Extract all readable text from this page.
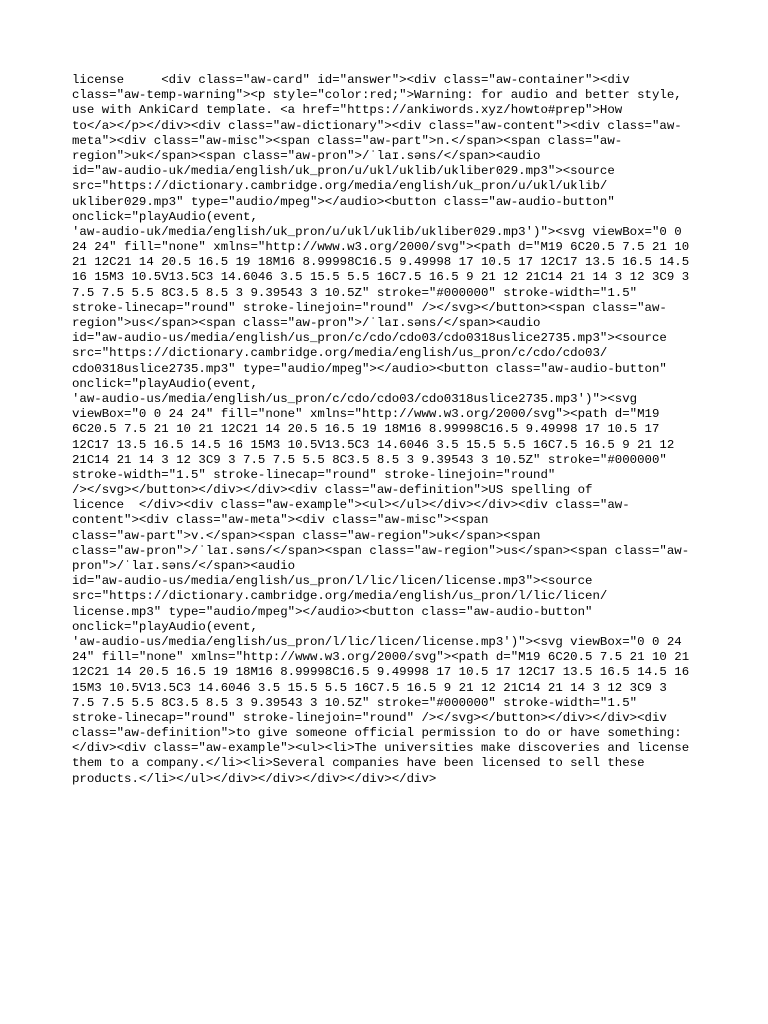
license     <div class="aw-card" id="answer"><div class="aw-container"><div
class="aw-temp-warning"><p style="color:red;">Warning: for audio and better style,
use with AnkiCard template. <a href="https://ankiwords.xyz/howto#prep">How
to</a></p></div><div class="aw-dictionary"><div class="aw-content"><div class="aw-
meta"><div class="aw-misc"><span class="aw-part">n.</span><span class="aw-
region">uk</span><span class="aw-pron">/ˈlaɪ.səns/</span><audio
id="aw-audio-uk/media/english/uk_pron/u/ukl/uklib/ukliber029.mp3"><source
src="https://dictionary.cambridge.org/media/english/uk_pron/u/ukl/uklib/
ukliber029.mp3" type="audio/mpeg"></audio><button class="aw-audio-button"
onclick="playAudio(event,
'aw-audio-uk/media/english/uk_pron/u/ukl/uklib/ukliber029.mp3')"><svg viewBox="0 0
24 24" fill="none" xmlns="http://www.w3.org/2000/svg"><path d="M19 6C20.5 7.5 21 10
21 12C21 14 20.5 16.5 19 18M16 8.99998C16.5 9.49998 17 10.5 17 12C17 13.5 16.5 14.5
16 15M3 10.5V13.5C3 14.6046 3.5 15.5 5.5 16C7.5 16.5 9 21 12 21C14 21 14 3 12 3C9 3
7.5 7.5 5.5 8C3.5 8.5 3 9.39543 3 10.5Z" stroke="#000000" stroke-width="1.5"
stroke-linecap="round" stroke-linejoin="round" /></svg></button><span class="aw-
region">us</span><span class="aw-pron">/ˈlaɪ.səns/</span><audio
id="aw-audio-us/media/english/us_pron/c/cdo/cdo03/cdo0318uslice2735.mp3"><source
src="https://dictionary.cambridge.org/media/english/us_pron/c/cdo/cdo03/
cdo0318uslice2735.mp3" type="audio/mpeg"></audio><button class="aw-audio-button"
onclick="playAudio(event,
'aw-audio-us/media/english/us_pron/c/cdo/cdo03/cdo0318uslice2735.mp3')"><svg
viewBox="0 0 24 24" fill="none" xmlns="http://www.w3.org/2000/svg"><path d="M19
6C20.5 7.5 21 10 21 12C21 14 20.5 16.5 19 18M16 8.99998C16.5 9.49998 17 10.5 17
12C17 13.5 16.5 14.5 16 15M3 10.5V13.5C3 14.6046 3.5 15.5 5.5 16C7.5 16.5 9 21 12
21C14 21 14 3 12 3C9 3 7.5 7.5 5.5 8C3.5 8.5 3 9.39543 3 10.5Z" stroke="#000000"
stroke-width="1.5" stroke-linecap="round" stroke-linejoin="round"
/></svg></button></div></div><div class="aw-definition">US spelling of
licence  </div><div class="aw-example"><ul></ul></div></div><div class="aw-
content"><div class="aw-meta"><div class="aw-misc"><span
class="aw-part">v.</span><span class="aw-region">uk</span><span
class="aw-pron">/ˈlaɪ.səns/</span><span class="aw-region">us</span><span class="aw-
pron">/ˈlaɪ.səns/</span><audio
id="aw-audio-us/media/english/us_pron/l/lic/licen/license.mp3"><source
src="https://dictionary.cambridge.org/media/english/us_pron/l/lic/licen/
license.mp3" type="audio/mpeg"></audio><button class="aw-audio-button"
onclick="playAudio(event,
'aw-audio-us/media/english/us_pron/l/lic/licen/license.mp3')"><svg viewBox="0 0 24
24" fill="none" xmlns="http://www.w3.org/2000/svg"><path d="M19 6C20.5 7.5 21 10 21
12C21 14 20.5 16.5 19 18M16 8.99998C16.5 9.49998 17 10.5 17 12C17 13.5 16.5 14.5 16
15M3 10.5V13.5C3 14.6046 3.5 15.5 5.5 16C7.5 16.5 9 21 12 21C14 21 14 3 12 3C9 3
7.5 7.5 5.5 8C3.5 8.5 3 9.39543 3 10.5Z" stroke="#000000" stroke-width="1.5"
stroke-linecap="round" stroke-linejoin="round" /></svg></button></div></div><div
class="aw-definition">to give someone official permission to do or have something:
</div><div class="aw-example"><ul><li>The universities make discoveries and license
them to a company.</li><li>Several companies have been licensed to sell these
products.</li></ul></div></div></div></div></div>
